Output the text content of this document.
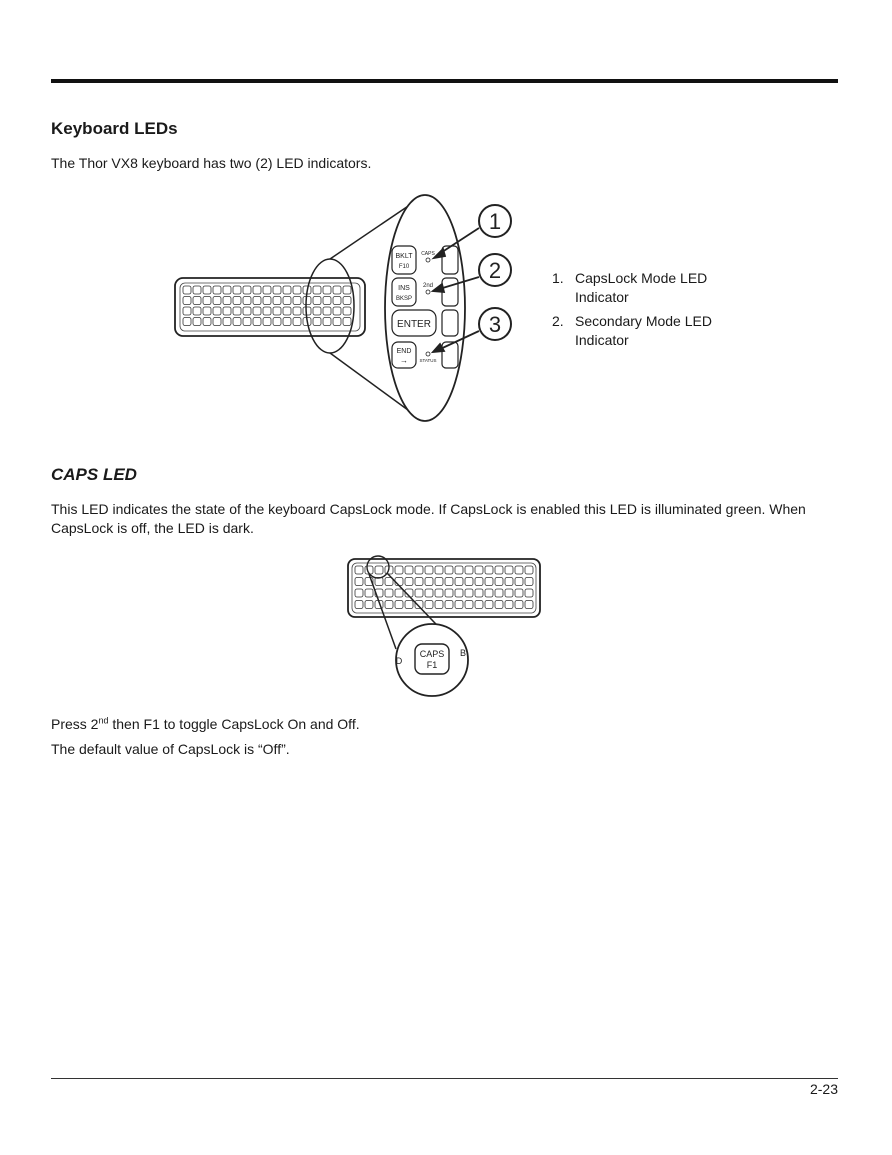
Keyboard LEDs

The Thor VX8 keyboard has two (2) LED indicators.

BKLT
F10
INS
BKSP
ENTER
END
→
CAPS
2nd
STATUS
1
2
3
1. CapsLock Mode LED Indicator
2. Secondary Mode LED Indicator
CAPS LED

This LED indicates the state of the keyboard CapsLock mode. If CapsLock is enabled this LED is illuminated green. When CapsLock is off, the LED is dark.

CAPS
F1
D
B

Press 2nd then F1 to toggle CapsLock On and Off.

The default value of CapsLock is “Off”.

2-23
